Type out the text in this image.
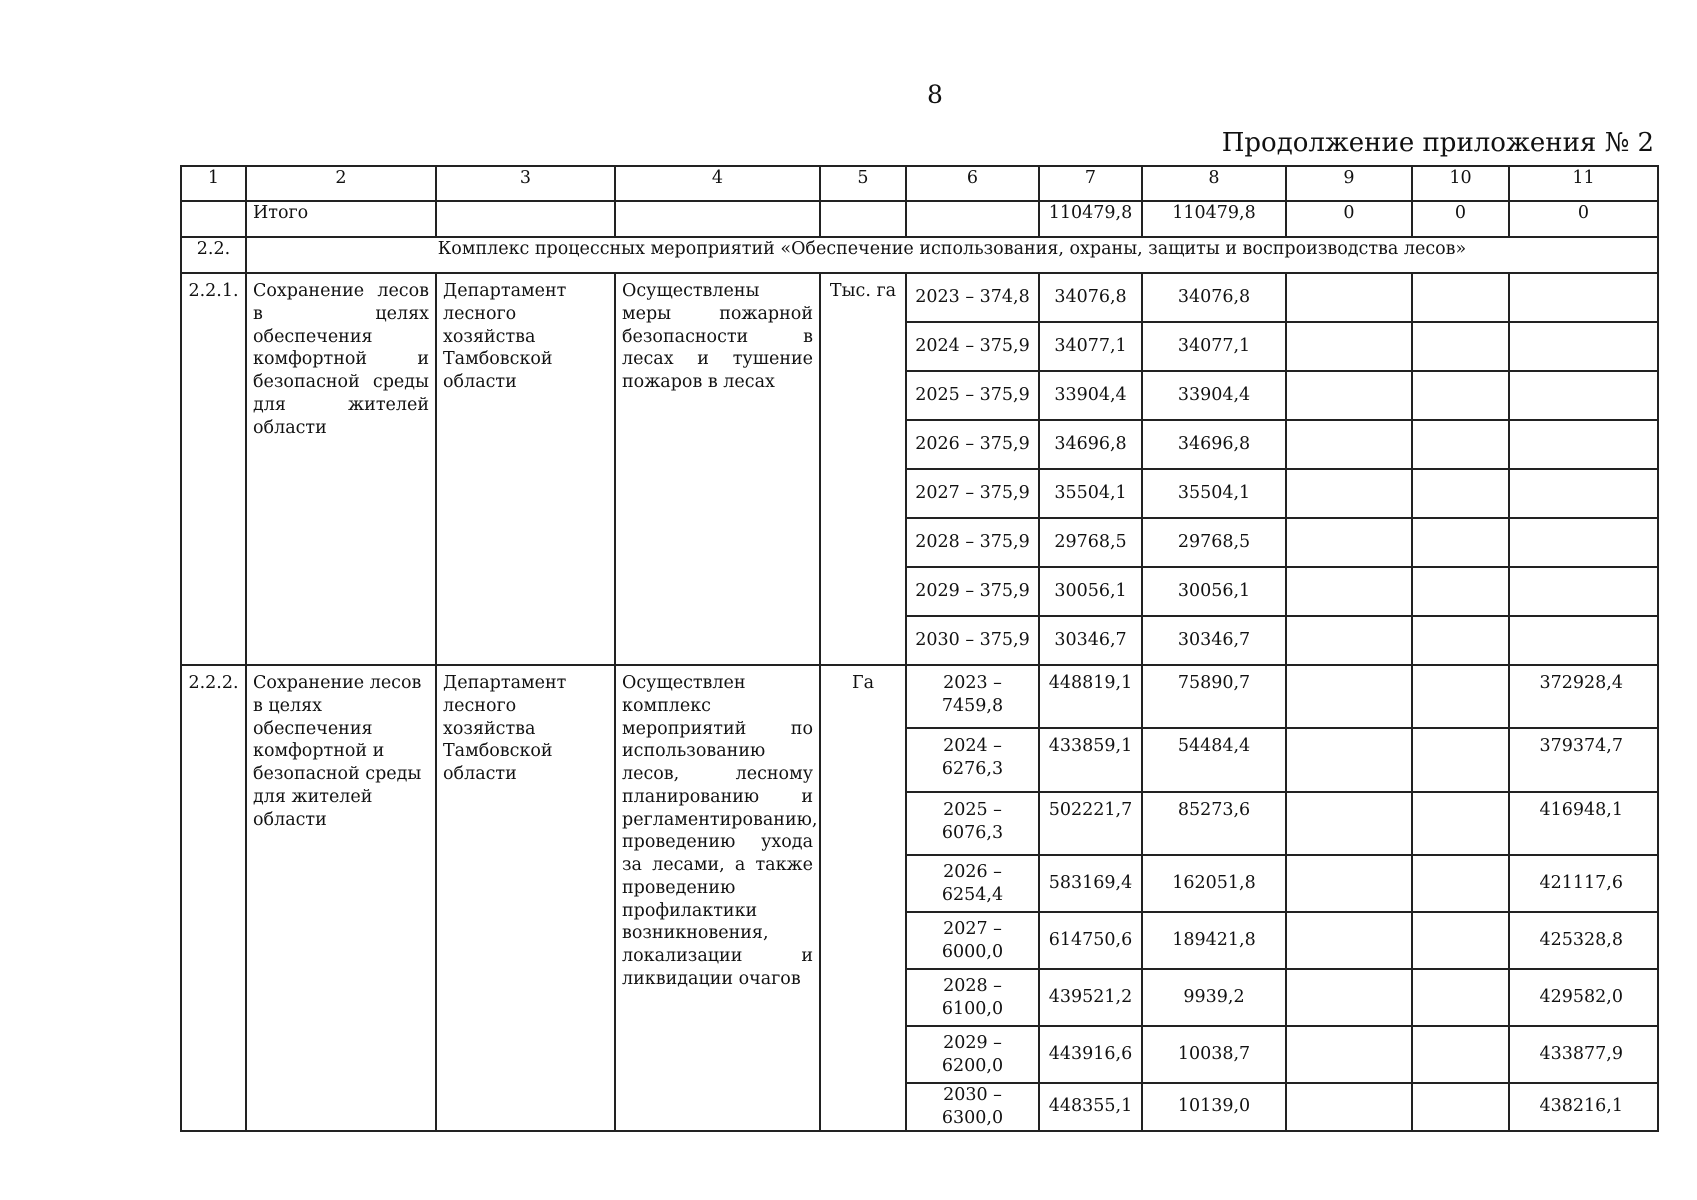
8
Продолжение приложения № 2
1	2	3	4	5	6	7	8	9	10	11
	Итого					110479,8	110479,8	0	0	0
2.2.	Комплекс процессных мероприятий «Обеспечение использования, охраны, защиты и воспроизводства лесов»									
2.2.1.	Сохранение лесов в целях обеспечения комфортной и безопасной среды для жителей области	Департамент лесного хозяйства Тамбовской области	Осуществлены меры пожарной безопасности в лесах и тушение пожаров в лесах	Тыс. га	2023 – 374,8	34076,8	34076,8			
					2024 – 375,9	34077,1	34077,1			
					2025 – 375,9	33904,4	33904,4			
					2026 – 375,9	34696,8	34696,8			
					2027 – 375,9	35504,1	35504,1			
					2028 – 375,9	29768,5	29768,5			
					2029 – 375,9	30056,1	30056,1			
					2030 – 375,9	30346,7	30346,7			
2.2.2.	Сохранение лесов в целях обеспечения комфортной и безопасной среды для жителей области	Департамент лесного хозяйства Тамбовской области	Осуществлен комплекс мероприятий по использованию лесов, лесному планированию и регламентированию, проведению ухода за лесами, а также проведению профилактики возникновения, локализации и ликвидации очагов	Га	2023 – 7459,8	448819,1	75890,7			372928,4
					2024 – 6276,3	433859,1	54484,4			379374,7
					2025 – 6076,3	502221,7	85273,6			416948,1
					2026 – 6254,4	583169,4	162051,8			421117,6
					2027 – 6000,0	614750,6	189421,8			425328,8
					2028 – 6100,0	439521,2	9939,2			429582,0
					2029 – 6200,0	443916,6	10038,7			433877,9
					2030 – 6300,0	448355,1	10139,0			438216,1
